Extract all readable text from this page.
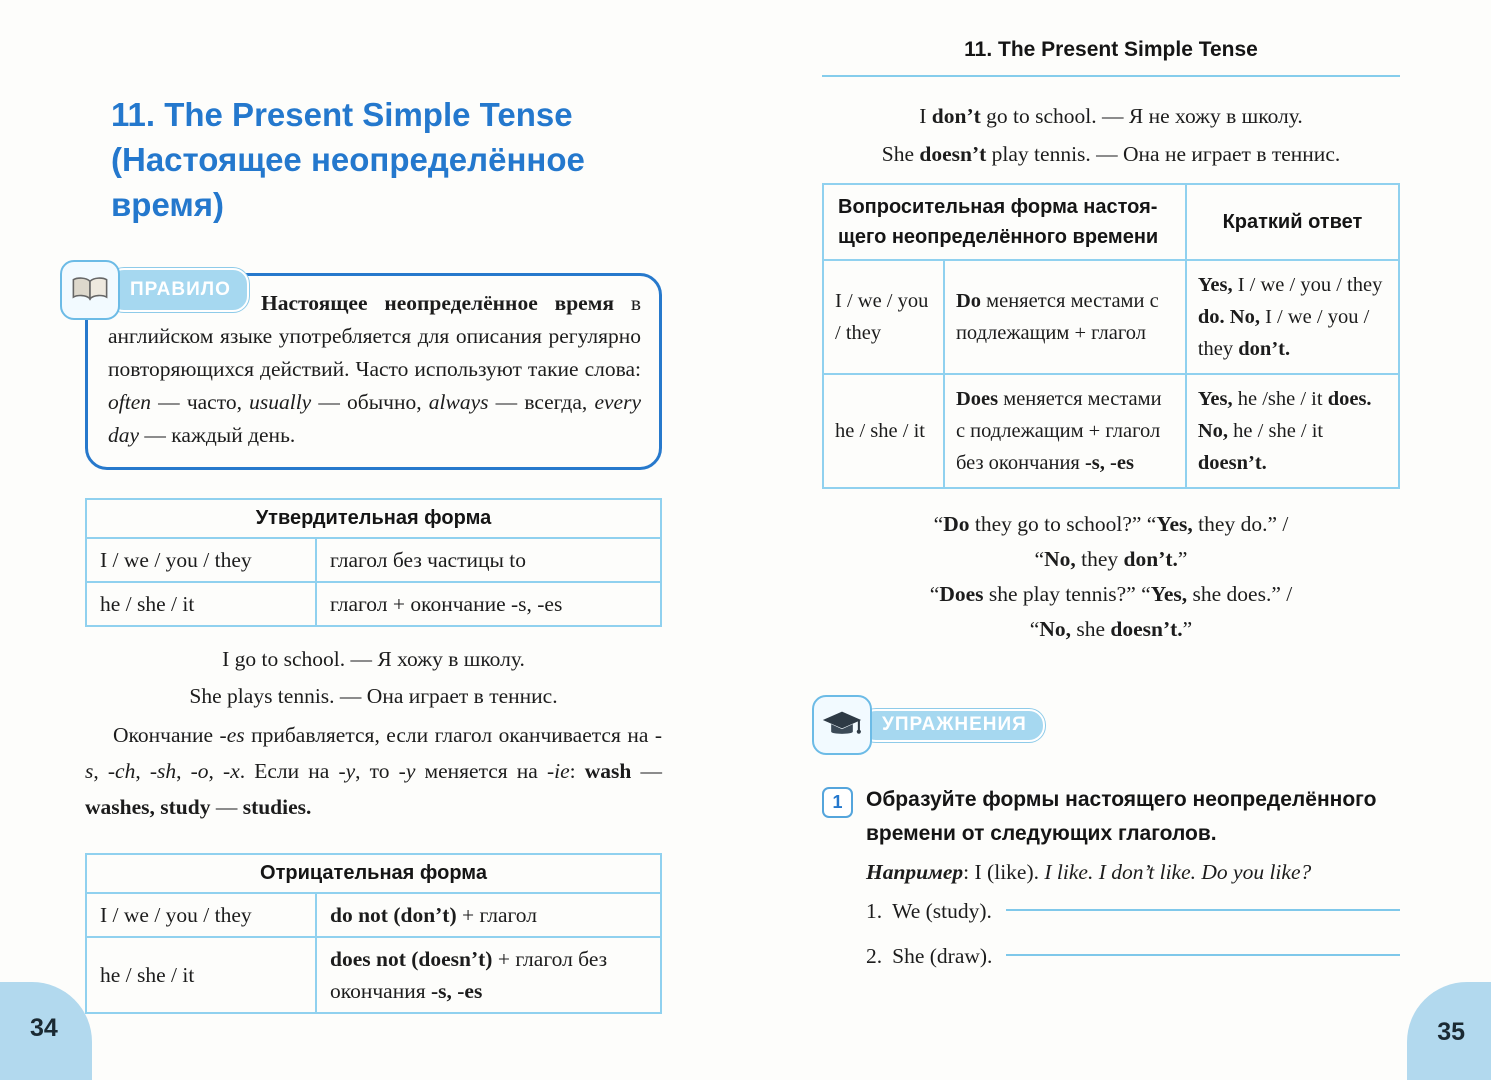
11. The Present Simple Tense
(Настоящее неопределённое
время)
ПРАВИЛО
Настоящее неопределённое время в английском языке употребляется для описания регулярно повторяющихся действий. Часто используют такие слова: often — часто, usually — обычно, always — всегда, every day — каждый день.
Утвердительная форма	
I / we / you / they	глагол без частицы to
he / she / it	глагол + окончание -s, -es
I go to school. — Я хожу в школу.
She plays tennis. — Она играет в теннис.
Окончание -es прибавляется, если глагол оканчивается на -s, -ch, -sh, -o, -x. Если на -y, то -y меняется на -ie: wash — washes, study — studies.
Отрицательная форма	
I / we / you / they	do not (don’t) + глагол
he / she / it	does not (doesn’t) + глагол без окончания -s, -es
11. The Present Simple Tense
I don’t go to school. — Я не хожу в школу.
She doesn’t play tennis. — Она не играет в теннис.
Вопросительная форма настоя-
щего неопределённого времени		Краткий ответ
I / we / you / they	Do меняется местами с подлежащим + глагол	Yes, I / we / you / they do. No, I / we / you / they don’t.
he / she / it	Does меняется местами с подлежащим + глагол без окончания -s, -es	Yes, he /she / it does. No, he / she / it doesn’t.
“Do they go to school?” “Yes, they do.” /
“No, they don’t.”
“Does she play tennis?” “Yes, she does.” /
“No, she doesn’t.”
УПРАЖНЕНИЯ
1	Образуйте формы настоящего неопределённого времени от следующих глаголов.
Например: I (like). I like. I don’t like. Do you like?
1. We (study).
2. She (draw).
34	35
